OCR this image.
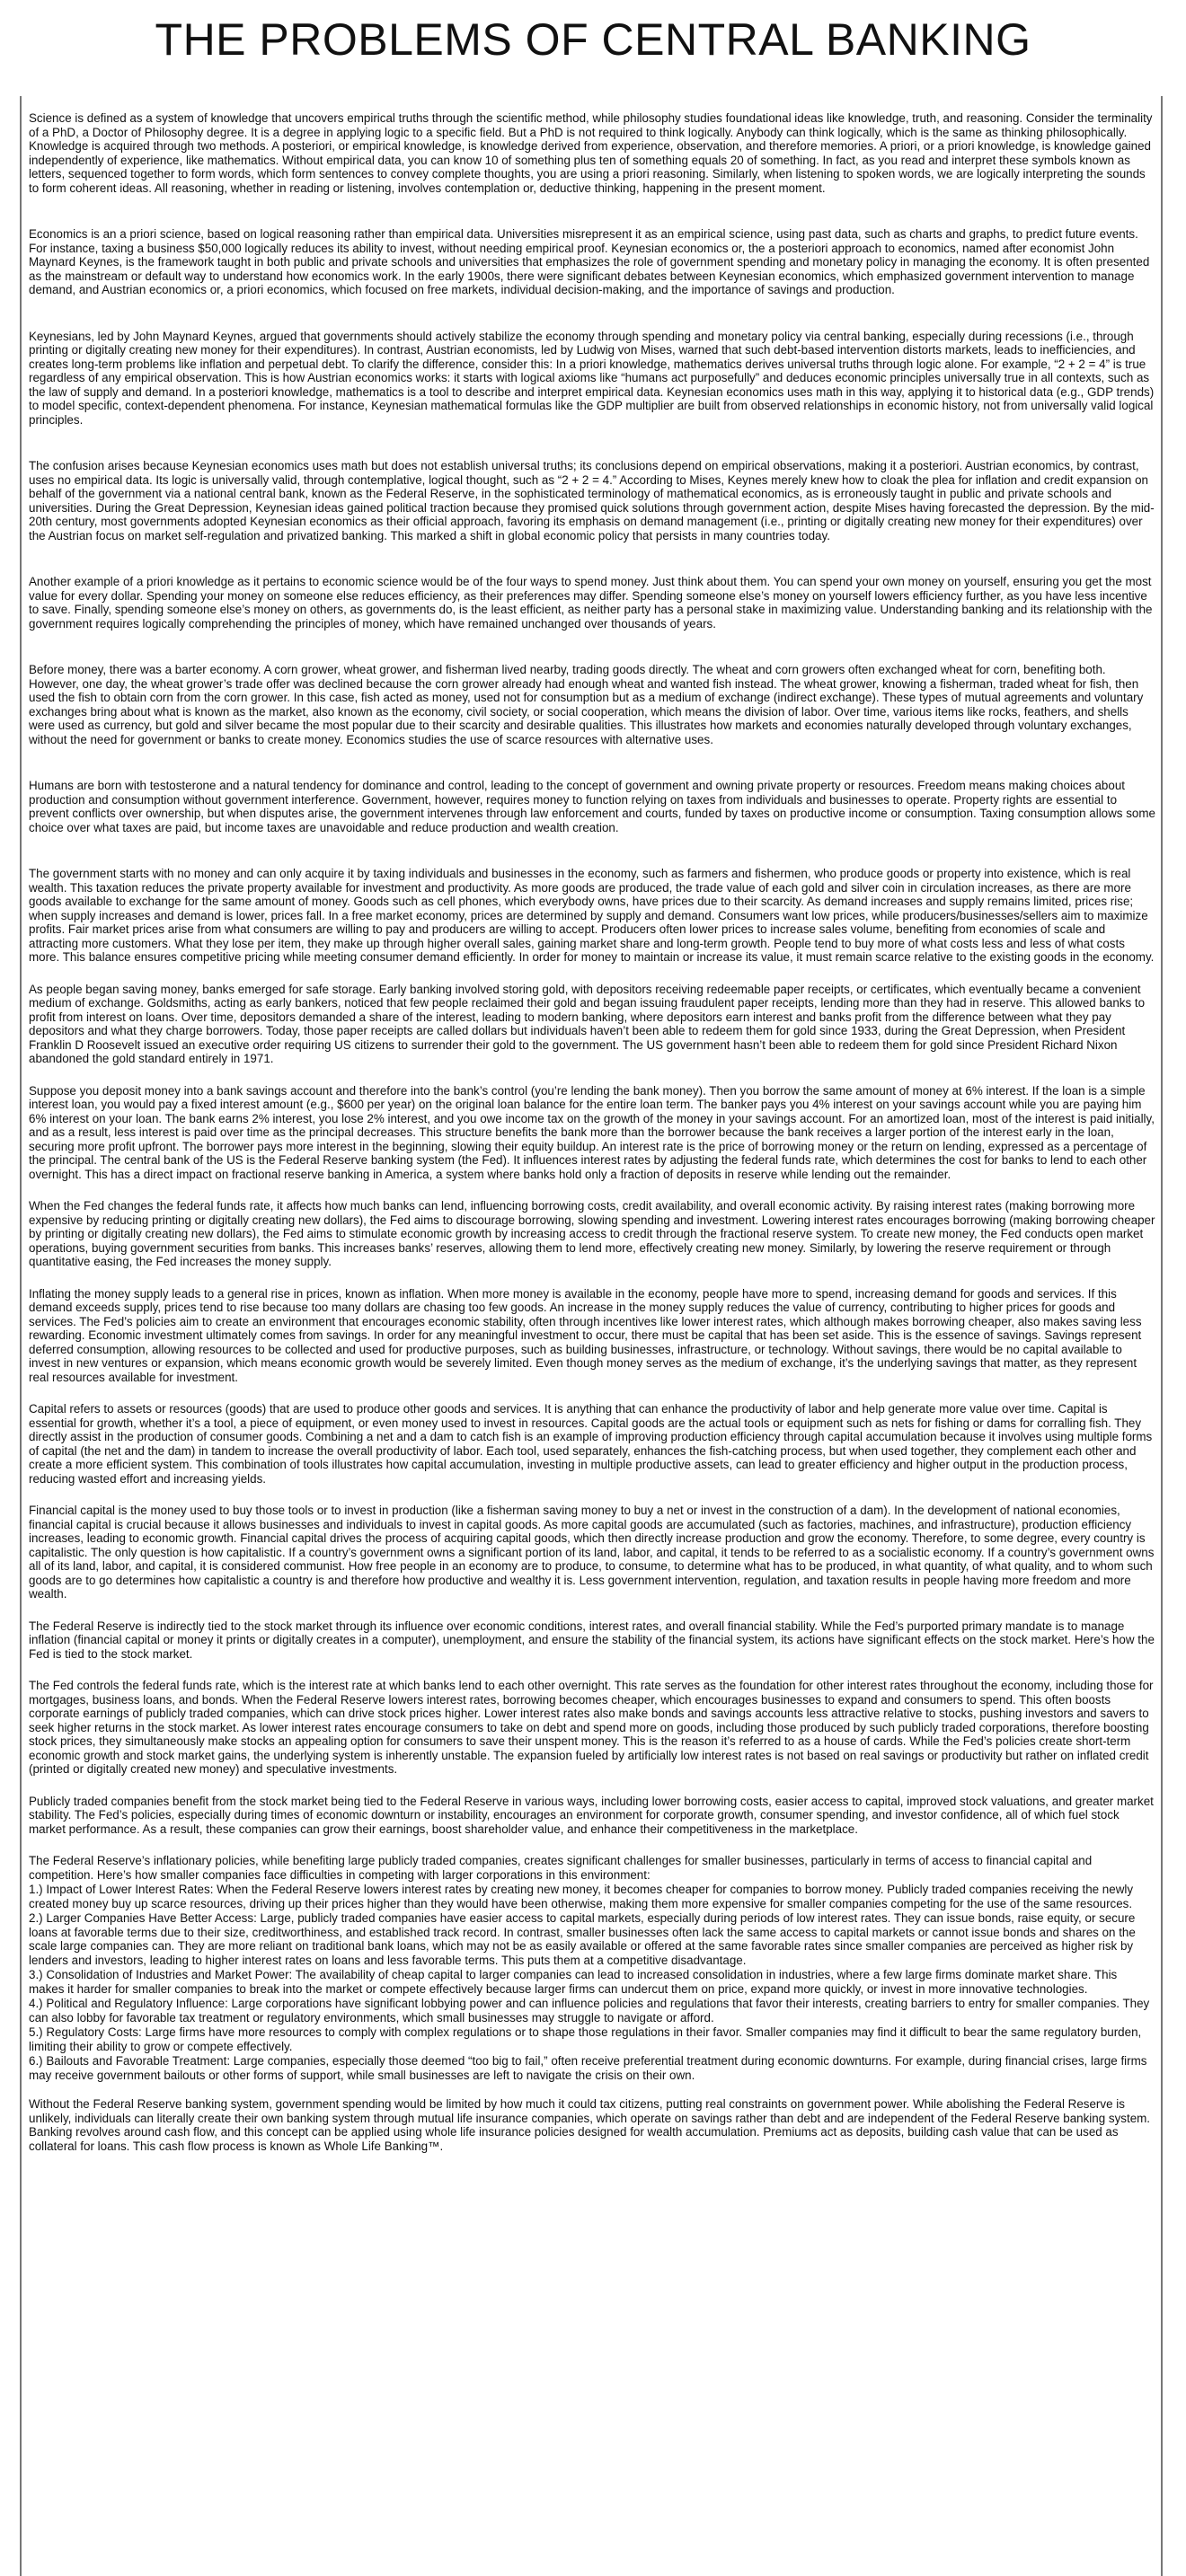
THE PROBLEMS OF CENTRAL BANKING

Science is defined as a system of knowledge that uncovers empirical truths through the scientific method, while philosophy studies foundational ideas like knowledge, truth, and reasoning. Consider the terminality of a PhD, a Doctor of Philosophy degree. It is a degree in applying logic to a specific field. But a PhD is not required to think logically. Anybody can think logically, which is the same as thinking philosophically. Knowledge is acquired through two methods. A posteriori, or empirical knowledge, is knowledge derived from experience, observation, and therefore memories. A priori, or a priori knowledge, is knowledge gained independently of experience, like mathematics. Without empirical data, you can know 10 of something plus ten of something equals 20 of something. In fact, as you read and interpret these symbols known as letters, sequenced together to form words, which form sentences to convey complete thoughts, you are using a priori reasoning. Similarly, when listening to spoken words, we are logically interpreting the sounds to form coherent ideas. All reasoning, whether in reading or listening, involves contemplation or, deductive thinking, happening in the present moment.

Economics is an a priori science, based on logical reasoning rather than empirical data. Universities misrepresent it as an empirical science, using past data, such as charts and graphs, to predict future events. For instance, taxing a business $50,000 logically reduces its ability to invest, without needing empirical proof. Keynesian economics or, the a posteriori approach to economics, named after economist John Maynard Keynes, is the framework taught in both public and private schools and universities that emphasizes the role of government spending and monetary policy in managing the economy. It is often presented as the mainstream or default way to understand how economics work. In the early 1900s, there were significant debates between Keynesian economics, which emphasized government intervention to manage demand, and Austrian economics or, a priori economics, which focused on free markets, individual decision-making, and the importance of savings and production.

Keynesians, led by John Maynard Keynes, argued that governments should actively stabilize the economy through spending and monetary policy via central banking, especially during recessions (i.e., through printing or digitally creating new money for their expenditures). In contrast, Austrian economists, led by Ludwig von Mises, warned that such debt-based intervention distorts markets, leads to inefficiencies, and creates long-term problems like inflation and perpetual debt. To clarify the difference, consider this: In a priori knowledge, mathematics derives universal truths through logic alone. For example, “2 + 2 = 4” is true regardless of any empirical observation. This is how Austrian economics works: it starts with logical axioms like “humans act purposefully” and deduces economic principles universally true in all contexts, such as the law of supply and demand. In a posteriori knowledge, mathematics is a tool to describe and interpret empirical data. Keynesian economics uses math in this way, applying it to historical data (e.g., GDP trends) to model specific, context-dependent phenomena. For instance, Keynesian mathematical formulas like the GDP multiplier are built from observed relationships in economic history, not from universally valid logical principles.

The confusion arises because Keynesian economics uses math but does not establish universal truths; its conclusions depend on empirical observations, making it a posteriori. Austrian economics, by contrast, uses no empirical data. Its logic is universally valid, through contemplative, logical thought, such as “2 + 2 = 4.” According to Mises, Keynes merely knew how to cloak the plea for inflation and credit expansion on behalf of the government via a national central bank, known as the Federal Reserve, in the sophisticated terminology of mathematical economics, as is erroneously taught in public and private schools and universities. During the Great Depression, Keynesian ideas gained political traction because they promised quick solutions through government action, despite Mises having forecasted the depression. By the mid-20th century, most governments adopted Keynesian economics as their official approach, favoring its emphasis on demand management (i.e., printing or digitally creating new money for their expenditures) over the Austrian focus on market self-regulation and privatized banking. This marked a shift in global economic policy that persists in many countries today.

Another example of a priori knowledge as it pertains to economic science would be of the four ways to spend money. Just think about them. You can spend your own money on yourself, ensuring you get the most value for every dollar. Spending your money on someone else reduces efficiency, as their preferences may differ. Spending someone else’s money on yourself lowers efficiency further, as you have less incentive to save. Finally, spending someone else’s money on others, as governments do, is the least efficient, as neither party has a personal stake in maximizing value. Understanding banking and its relationship with the government requires logically comprehending the principles of money, which have remained unchanged over thousands of years.

Before money, there was a barter economy. A corn grower, wheat grower, and fisherman lived nearby, trading goods directly. The wheat and corn growers often exchanged wheat for corn, benefiting both. However, one day, the wheat grower’s trade offer was declined because the corn grower already had enough wheat and wanted fish instead. The wheat grower, knowing a fisherman, traded wheat for fish, then used the fish to obtain corn from the corn grower. In this case, fish acted as money, used not for consumption but as a medium of exchange (indirect exchange). These types of mutual agreements and voluntary exchanges bring about what is known as the market, also known as the economy, civil society, or social cooperation, which means the division of labor. Over time, various items like rocks, feathers, and shells were used as currency, but gold and silver became the most popular due to their scarcity and desirable qualities. This illustrates how markets and economies naturally developed through voluntary exchanges, without the need for government or banks to create money. Economics studies the use of scarce resources with alternative uses.

Humans are born with testosterone and a natural tendency for dominance and control, leading to the concept of government and owning private property or resources. Freedom means making choices about production and consumption without government interference. Government, however, requires money to function relying on taxes from individuals and businesses to operate. Property rights are essential to prevent conflicts over ownership, but when disputes arise, the government intervenes through law enforcement and courts, funded by taxes on productive income or consumption. Taxing consumption allows some choice over what taxes are paid, but income taxes are unavoidable and reduce production and wealth creation.

The government starts with no money and can only acquire it by taxing individuals and businesses in the economy, such as farmers and fishermen, who produce goods or property into existence, which is real wealth. This taxation reduces the private property available for investment and productivity. As more goods are produced, the trade value of each gold and silver coin in circulation increases, as there are more goods available to exchange for the same amount of money. Goods such as cell phones, which everybody owns, have prices due to their scarcity. As demand increases and supply remains limited, prices rise; when supply increases and demand is lower, prices fall. In a free market economy, prices are determined by supply and demand. Consumers want low prices, while producers/businesses/sellers aim to maximize profits. Fair market prices arise from what consumers are willing to pay and producers are willing to accept. Producers often lower prices to increase sales volume, benefiting from economies of scale and attracting more customers. What they lose per item, they make up through higher overall sales, gaining market share and long-term growth. People tend to buy more of what costs less and less of what costs more. This balance ensures competitive pricing while meeting consumer demand efficiently. In order for money to maintain or increase its value, it must remain scarce relative to the existing goods in the economy.

As people began saving money, banks emerged for safe storage. Early banking involved storing gold, with depositors receiving redeemable paper receipts, or certificates, which eventually became a convenient medium of exchange. Goldsmiths, acting as early bankers, noticed that few people reclaimed their gold and began issuing fraudulent paper receipts, lending more than they had in reserve. This allowed banks to profit from interest on loans. Over time, depositors demanded a share of the interest, leading to modern banking, where depositors earn interest and banks profit from the difference between what they pay depositors and what they charge borrowers. Today, those paper receipts are called dollars but individuals haven’t been able to redeem them for gold since 1933, during the Great Depression, when President Franklin D Roosevelt issued an executive order requiring US citizens to surrender their gold to the government. The US government hasn’t been able to redeem them for gold since President Richard Nixon abandoned the gold standard entirely in 1971.

Suppose you deposit money into a bank savings account and therefore into the bank’s control (you’re lending the bank money). Then you borrow the same amount of money at 6% interest. If the loan is a simple interest loan, you would pay a fixed interest amount (e.g., $600 per year) on the original loan balance for the entire loan term. The banker pays you 4% interest on your savings account while you are paying him 6% interest on your loan. The bank earns 2% interest, you lose 2% interest, and you owe income tax on the growth of the money in your savings account. For an amortized loan, most of the interest is paid initially, and as a result, less interest is paid over time as the principal decreases. This structure benefits the bank more than the borrower because the bank receives a larger portion of the interest early in the loan, securing more profit upfront. The borrower pays more interest in the beginning, slowing their equity buildup. An interest rate is the price of borrowing money or the return on lending, expressed as a percentage of the principal. The central bank of the US is the Federal Reserve banking system (the Fed). It influences interest rates by adjusting the federal funds rate, which determines the cost for banks to lend to each other overnight. This has a direct impact on fractional reserve banking in America, a system where banks hold only a fraction of deposits in reserve while lending out the remainder.

When the Fed changes the federal funds rate, it affects how much banks can lend, influencing borrowing costs, credit availability, and overall economic activity. By raising interest rates (making borrowing more expensive by reducing printing or digitally creating new dollars), the Fed aims to discourage borrowing, slowing spending and investment. Lowering interest rates encourages borrowing (making borrowing cheaper by printing or digitally creating new dollars), the Fed aims to stimulate economic growth by increasing access to credit through the fractional reserve system. To create new money, the Fed conducts open market operations, buying government securities from banks. This increases banks’ reserves, allowing them to lend more, effectively creating new money. Similarly, by lowering the reserve requirement or through quantitative easing, the Fed increases the money supply.

Inflating the money supply leads to a general rise in prices, known as inflation. When more money is available in the economy, people have more to spend, increasing demand for goods and services. If this demand exceeds supply, prices tend to rise because too many dollars are chasing too few goods. An increase in the money supply reduces the value of currency, contributing to higher prices for goods and services. The Fed’s policies aim to create an environment that encourages economic stability, often through incentives like lower interest rates, which although makes borrowing cheaper, also makes saving less rewarding. Economic investment ultimately comes from savings. In order for any meaningful investment to occur, there must be capital that has been set aside. This is the essence of savings. Savings represent deferred consumption, allowing resources to be collected and used for productive purposes, such as building businesses, infrastructure, or technology. Without savings, there would be no capital available to invest in new ventures or expansion, which means economic growth would be severely limited. Even though money serves as the medium of exchange, it’s the underlying savings that matter, as they represent real resources available for investment.

Capital refers to assets or resources (goods) that are used to produce other goods and services. It is anything that can enhance the productivity of labor and help generate more value over time. Capital is essential for growth, whether it’s a tool, a piece of equipment, or even money used to invest in resources. Capital goods are the actual tools or equipment such as nets for fishing or dams for corralling fish. They directly assist in the production of consumer goods. Combining a net and a dam to catch fish is an example of improving production efficiency through capital accumulation because it involves using multiple forms of capital (the net and the dam) in tandem to increase the overall productivity of labor. Each tool, used separately, enhances the fish-catching process, but when used together, they complement each other and create a more efficient system. This combination of tools illustrates how capital accumulation, investing in multiple productive assets, can lead to greater efficiency and higher output in the production process, reducing wasted effort and increasing yields.

Financial capital is the money used to buy those tools or to invest in production (like a fisherman saving money to buy a net or invest in the construction of a dam). In the development of national economies, financial capital is crucial because it allows businesses and individuals to invest in capital goods. As more capital goods are accumulated (such as factories, machines, and infrastructure), production efficiency increases, leading to economic growth. Financial capital drives the process of acquiring capital goods, which then directly increase production and grow the economy. Therefore, to some degree, every country is capitalistic. The only question is how capitalistic. If a country’s government owns a significant portion of its land, labor, and capital, it tends to be referred to as a socialistic economy. If a country’s government owns all of its land, labor, and capital, it is considered communist. How free people in an economy are to produce, to consume, to determine what has to be produced, in what quantity, of what quality, and to whom such goods are to go determines how capitalistic a country is and therefore how productive and wealthy it is. Less government intervention, regulation, and taxation results in people having more freedom and more wealth.

The Federal Reserve is indirectly tied to the stock market through its influence over economic conditions, interest rates, and overall financial stability. While the Fed’s purported primary mandate is to manage inflation (financial capital or money it prints or digitally creates in a computer), unemployment, and ensure the stability of the financial system, its actions have significant effects on the stock market. Here’s how the Fed is tied to the stock market.

The Fed controls the federal funds rate, which is the interest rate at which banks lend to each other overnight. This rate serves as the foundation for other interest rates throughout the economy, including those for mortgages, business loans, and bonds. When the Federal Reserve lowers interest rates, borrowing becomes cheaper, which encourages businesses to expand and consumers to spend. This often boosts corporate earnings of publicly traded companies, which can drive stock prices higher. Lower interest rates also make bonds and savings accounts less attractive relative to stocks, pushing investors and savers to seek higher returns in the stock market. As lower interest rates encourage consumers to take on debt and spend more on goods, including those produced by such publicly traded corporations, therefore boosting stock prices, they simultaneously make stocks an appealing option for consumers to save their unspent money. This is the reason it’s referred to as a house of cards. While the Fed’s policies create short-term economic growth and stock market gains, the underlying system is inherently unstable. The expansion fueled by artificially low interest rates is not based on real savings or productivity but rather on inflated credit (printed or digitally created new money) and speculative investments.

Publicly traded companies benefit from the stock market being tied to the Federal Reserve in various ways, including lower borrowing costs, easier access to capital, improved stock valuations, and greater market stability. The Fed’s policies, especially during times of economic downturn or instability, encourages an environment for corporate growth, consumer spending, and investor confidence, all of which fuel stock market performance. As a result, these companies can grow their earnings, boost shareholder value, and enhance their competitiveness in the marketplace.

The Federal Reserve’s inflationary policies, while benefiting large publicly traded companies, creates significant challenges for smaller businesses, particularly in terms of access to financial capital and competition. Here’s how smaller companies face difficulties in competing with larger corporations in this environment:

1.) Impact of Lower Interest Rates: When the Federal Reserve lowers interest rates by creating new money, it becomes cheaper for companies to borrow money. Publicly traded companies receiving the newly created money buy up scarce resources, driving up their prices higher than they would have been otherwise, making them more expensive for smaller companies competing for the use of the same resources.

2.) Larger Companies Have Better Access: Large, publicly traded companies have easier access to capital markets, especially during periods of low interest rates. They can issue bonds, raise equity, or secure loans at favorable terms due to their size, creditworthiness, and established track record. In contrast, smaller businesses often lack the same access to capital markets or cannot issue bonds and shares on the scale large companies can. They are more reliant on traditional bank loans, which may not be as easily available or offered at the same favorable rates since smaller companies are perceived as higher risk by lenders and investors, leading to higher interest rates on loans and less favorable terms. This puts them at a competitive disadvantage.

3.) Consolidation of Industries and Market Power: The availability of cheap capital to larger companies can lead to increased consolidation in industries, where a few large firms dominate market share. This makes it harder for smaller companies to break into the market or compete effectively because larger firms can undercut them on price, expand more quickly, or invest in more innovative technologies.

4.) Political and Regulatory Influence: Large corporations have significant lobbying power and can influence policies and regulations that favor their interests, creating barriers to entry for smaller companies. They can also lobby for favorable tax treatment or regulatory environments, which small businesses may struggle to navigate or afford.

5.) Regulatory Costs: Large firms have more resources to comply with complex regulations or to shape those regulations in their favor. Smaller companies may find it difficult to bear the same regulatory burden, limiting their ability to grow or compete effectively.

6.) Bailouts and Favorable Treatment: Large companies, especially those deemed “too big to fail,” often receive preferential treatment during economic downturns. For example, during financial crises, large firms may receive government bailouts or other forms of support, while small businesses are left to navigate the crisis on their own.

Without the Federal Reserve banking system, government spending would be limited by how much it could tax citizens, putting real constraints on government power. While abolishing the Federal Reserve is unlikely, individuals can literally create their own banking system through mutual life insurance companies, which operate on savings rather than debt and are independent of the Federal Reserve banking system. Banking revolves around cash flow, and this concept can be applied using whole life insurance policies designed for wealth accumulation. Premiums act as deposits, building cash value that can be used as collateral for loans. This cash flow process is known as Whole Life Banking™.
